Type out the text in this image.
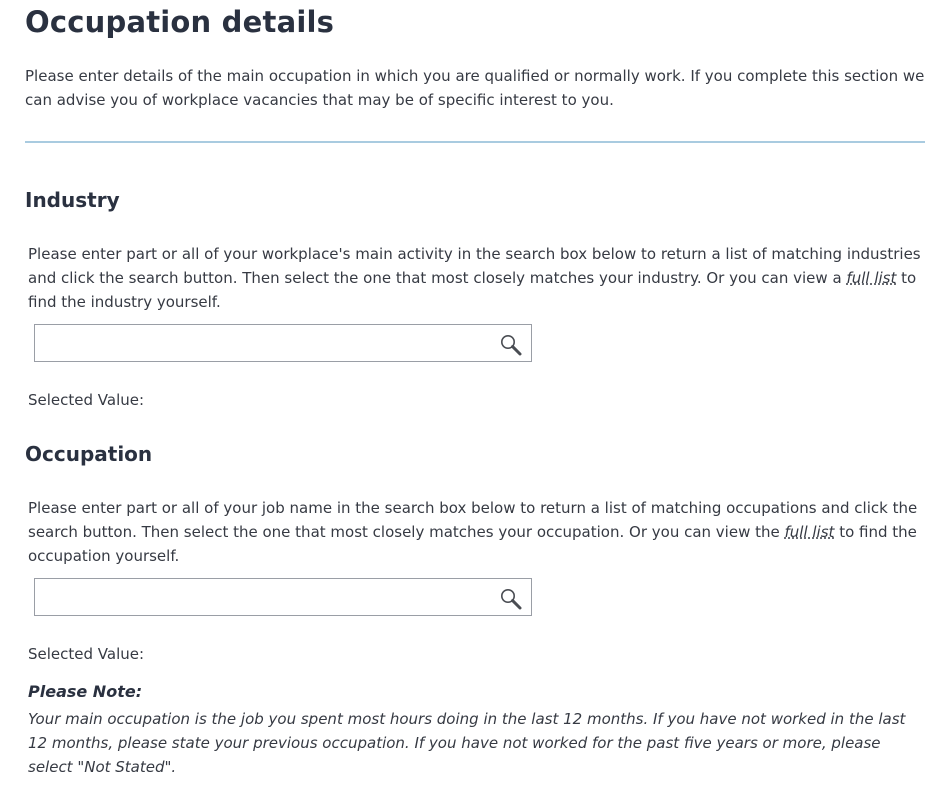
Occupation details

Please enter details of the main occupation in which you are qualified or normally work. If you complete this section we can advise you of workplace vacancies that may be of specific interest to you.

Industry

Please enter part or all of your workplace's main activity in the search box below to return a list of matching industries and click the search button. Then select the one that most closely matches your industry. Or you can view a full list to find the industry yourself.

Selected Value:

Occupation

Please enter part or all of your job name in the search box below to return a list of matching occupations and click the search button. Then select the one that most closely matches your occupation. Or you can view the full list to find the occupation yourself.

Selected Value:

Please Note:

Your main occupation is the job you spent most hours doing in the last 12 months. If you have not worked in the last 12 months, please state your previous occupation. If you have not worked for the past five years or more, please select "Not Stated".
